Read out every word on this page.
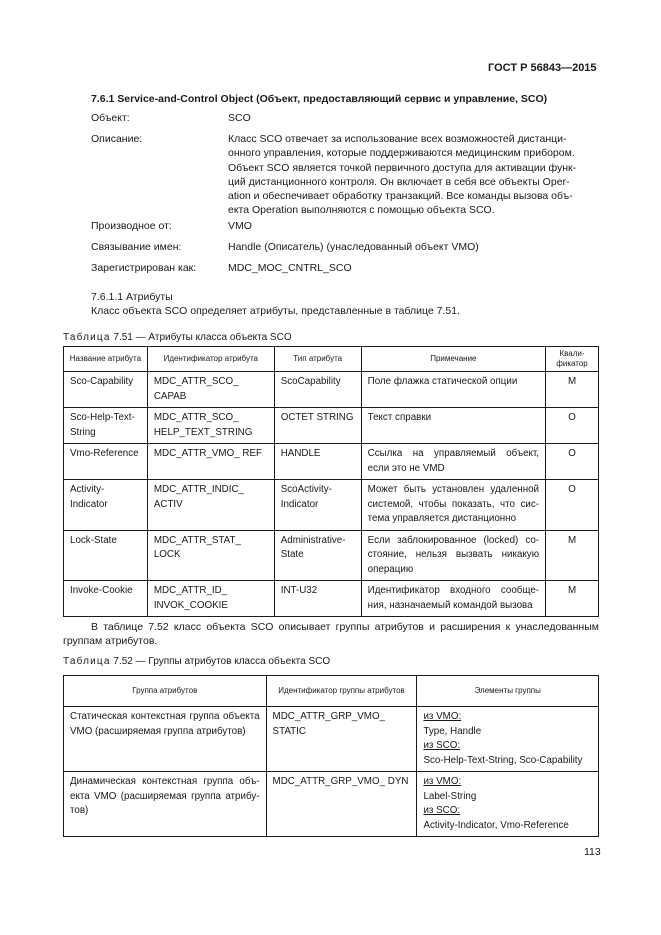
ГОСТ Р 56843—2015
7.6.1 Service-and-Control Object (Объект, предоставляющий сервис и управление, SCO)
Объект:	SCO
Описание:	Класс SCO отвечает за использование всех возможностей дистанци-
онного управления, которые поддерживаются медицинским прибором.
Объект SCO является точкой первичного доступа для активации функ-
ций дистанционного контроля. Он включает в себя все объекты Oper-
ation и обеспечивает обработку транзакций. Все команды вызова объ-
екта Operation выполняются с помощью объекта SCO.
Производное от:	VMO
Связывание имен:	Handle (Описатель) (унаследованный объект VMO)
Зарегистрирован как:	MDC_MOC_CNTRL_SCO
7.6.1.1 Атрибуты
Класс объекта SCO определяет атрибуты, представленные в таблице 7.51.
Таблица 7.51 — Атрибуты класса объекта SCO
Название атрибута	Идентификатор атрибута	Тип атрибута	Примечание	Квали-фикатор
Sco-Capability	MDC_ATTR_SCO_ CAPAB	ScoCapability	Поле флажка статической опции	M
Sco-Help-Text-String	MDC_ATTR_SCO_ HELP_TEXT_STRING	OCTET STRING	Текст справки	O
Vmo-Reference	MDC_ATTR_VMO_ REF	HANDLE	Ссылка на управляемый объект, если это не VMD	O
Activity-Indicator	MDC_ATTR_INDIC_ ACTIV	ScoActivity-Indicator	Может быть установлен удаленной системой, чтобы показать, что сис-тема управляется дистанционно	O
Lock-State	MDC_ATTR_STAT_ LOCK	Administrative-State	Если заблокированное (locked) со-стояние, нельзя вызвать никакую операцию	M
Invoke-Cookie	MDC_ATTR_ID_ INVOK_COOKIE	INT-U32	Идентификатор входного сообще-ния, назначаемый командой вызова	M
В таблице 7.52 класс объекта SCO описывает группы атрибутов и расширения к унаследованным группам атрибутов.
Таблица 7.52 — Группы атрибутов класса объекта SCO
Группа атрибутов	Идентификатор группы атрибутов	Элементы группы
Статическая контекстная группа объекта VMO (расширяемая группа атрибутов)	MDC_ATTR_GRP_VMO_ STATIC	из VMO:
Type, Handle
из SCO:
Sco-Help-Text-String, Sco-Capability

Динамическая контекстная группа объ-екта VMO (расширяемая группа атрибу-тов)	MDC_ATTR_GRP_VMO_ DYN	из VMO:
Label-String
из SCO:
Activity-Indicator, Vmo-Reference
113
